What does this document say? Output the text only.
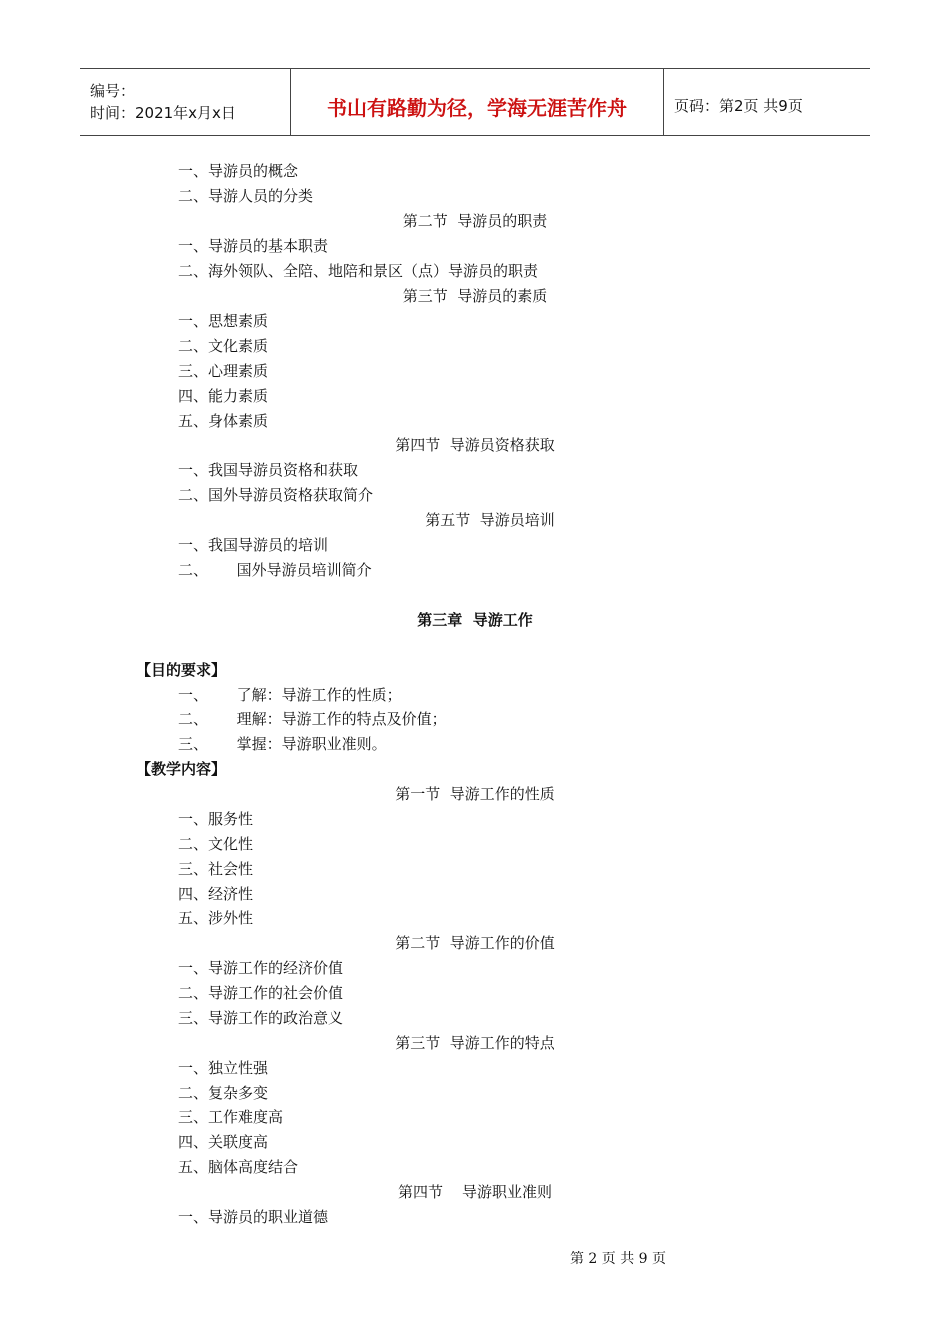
编号：
时间：2021年x月x日	书山有路勤为径，学海无涯苦作舟	页码：第2页 共9页
一、导游员的概念
二、导游人员的分类
第二节  导游员的职责
一、导游员的基本职责
二、海外领队、全陪、地陪和景区（点）导游员的职责
第三节  导游员的素质
一、思想素质
二、文化素质
三、心理素质
四、能力素质
五、身体素质
第四节  导游员资格获取
一、我国导游员资格和获取
二、国外导游员资格获取简介
第五节  导游员培训
一、我国导游员的培训
二、      国外导游员培训简介
第三章  导游工作
【目的要求】
一、      了解：导游工作的性质；
二、      理解：导游工作的特点及价值；
三、      掌握：导游职业准则。
【教学内容】
第一节  导游工作的性质
一、服务性
二、文化性
三、社会性
四、经济性
五、涉外性
第二节  导游工作的价值
一、导游工作的经济价值
二、导游工作的社会价值
三、导游工作的政治意义
第三节  导游工作的特点
一、独立性强
二、复杂多变
三、工作难度高
四、关联度高
五、脑体高度结合
第四节    导游职业准则
一、导游员的职业道德
第 2 页 共 9 页
